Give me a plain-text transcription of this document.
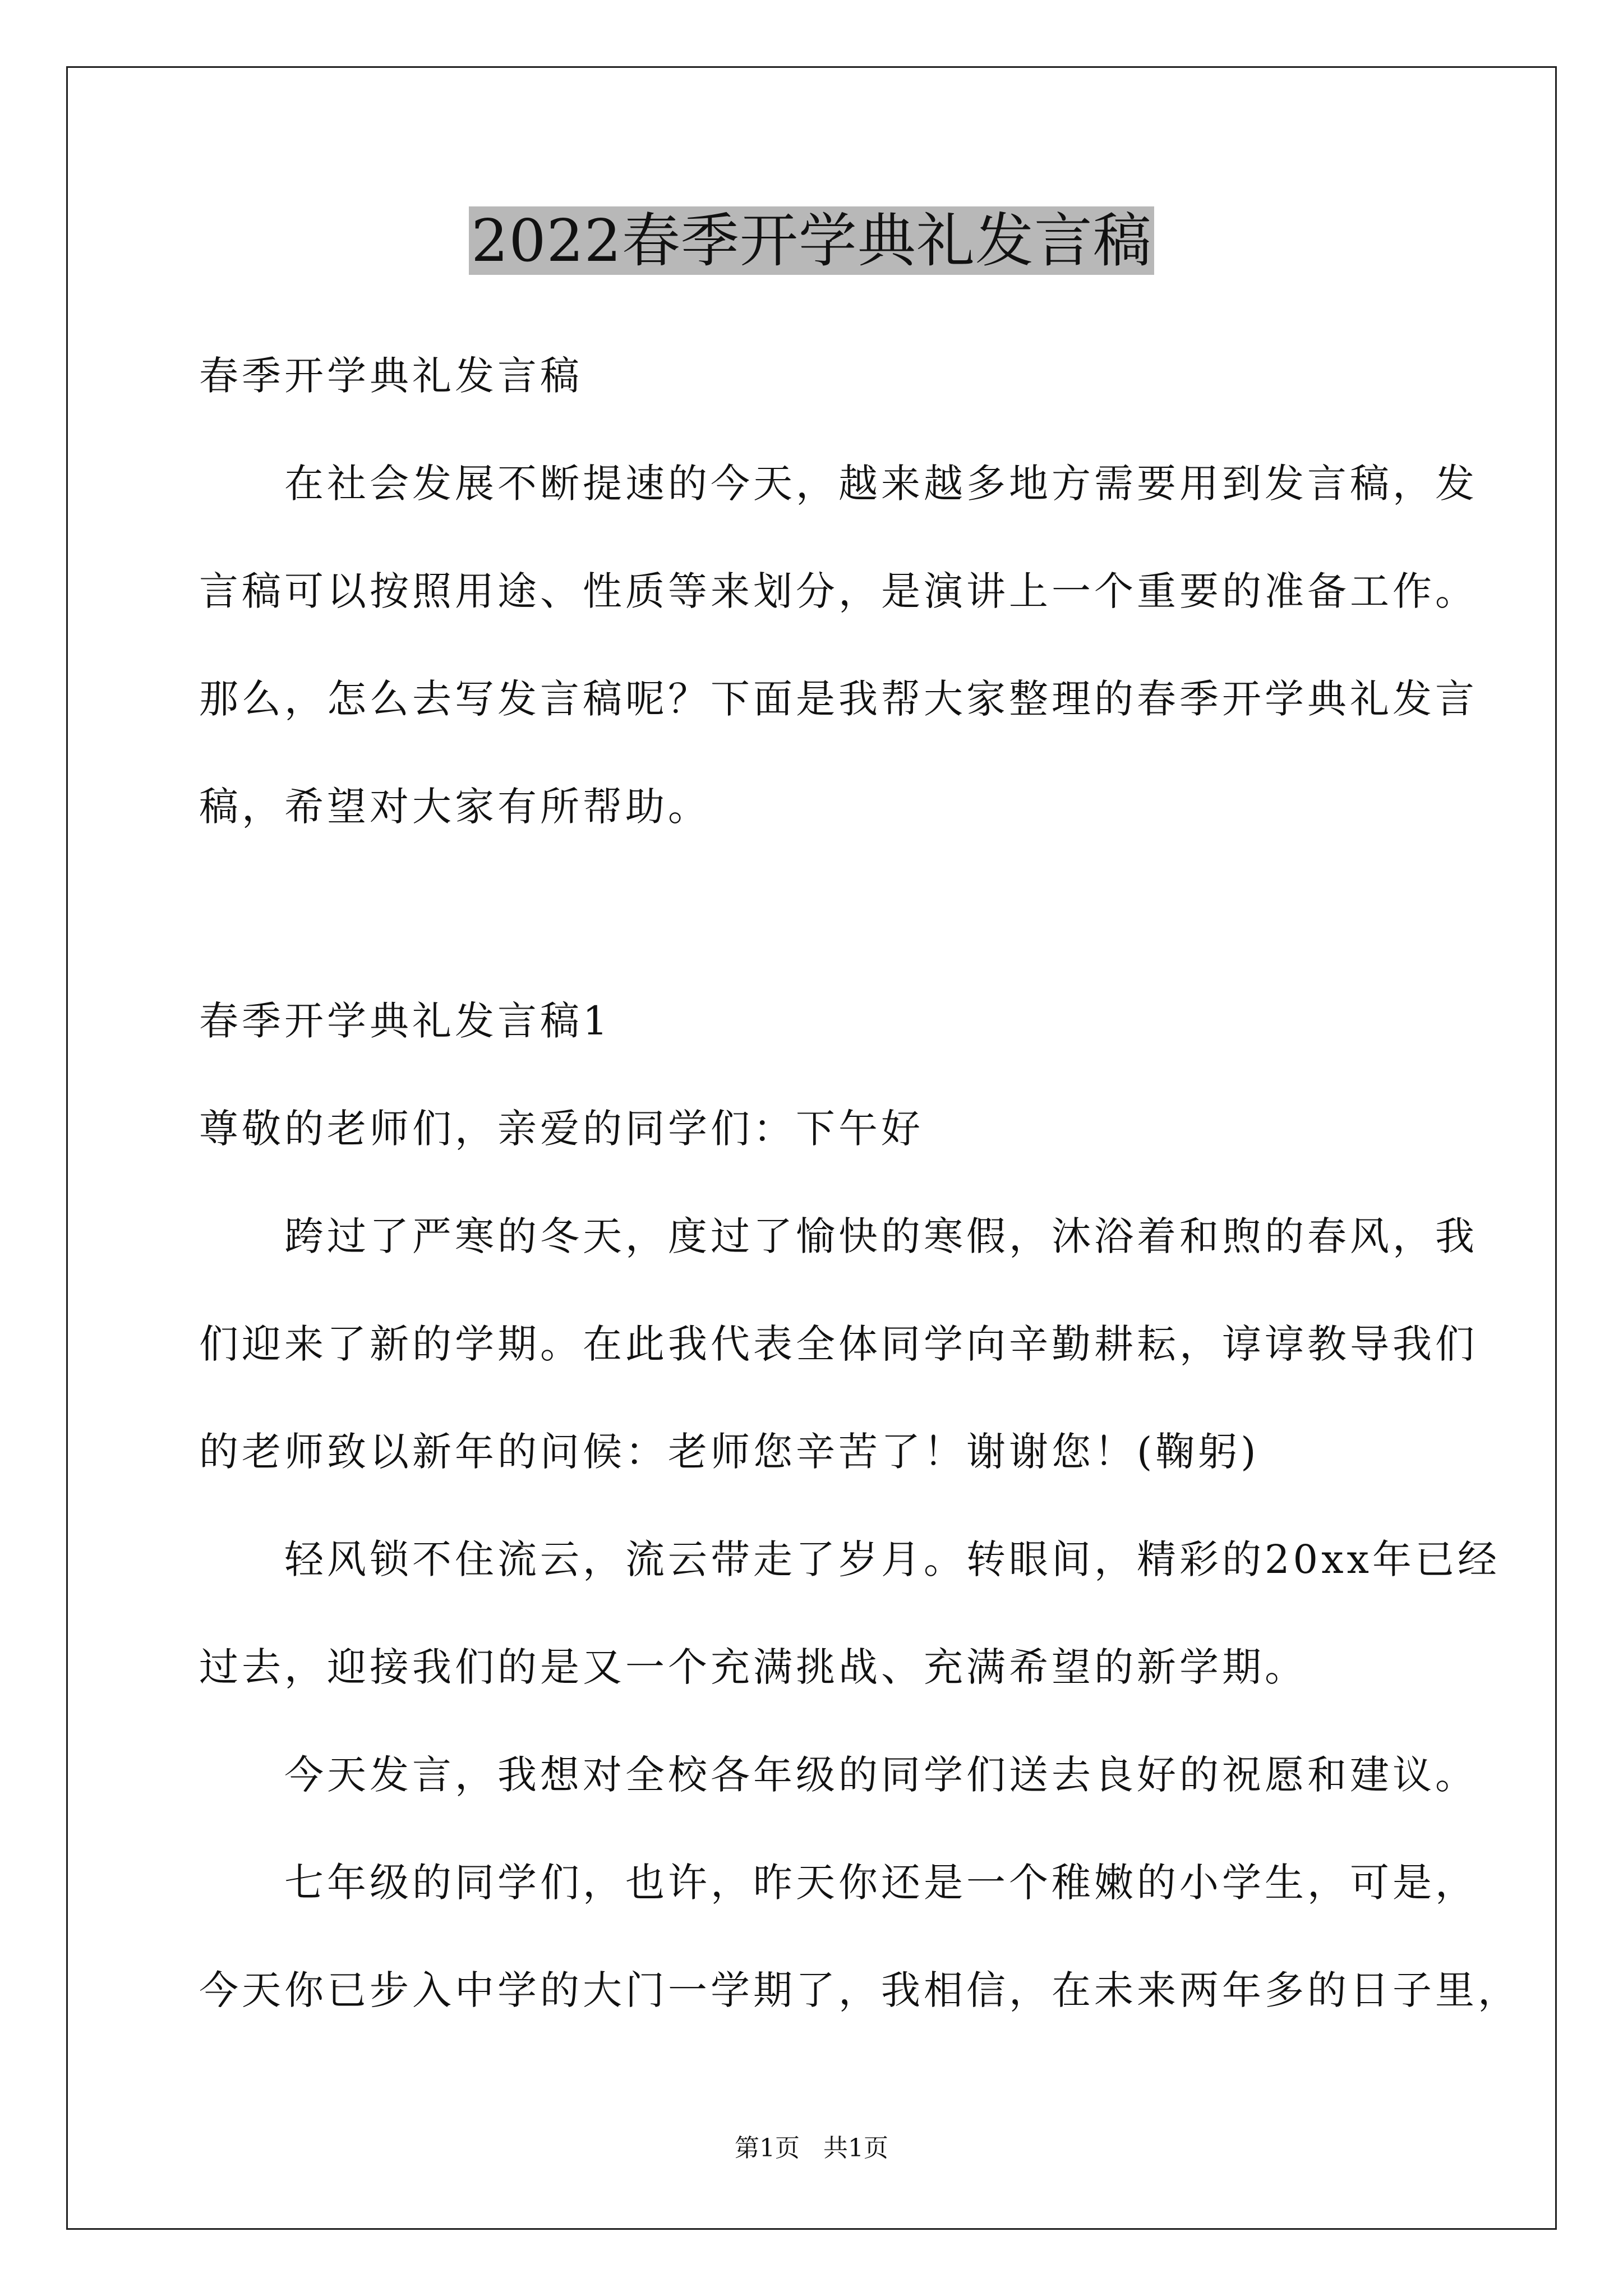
2022春季开学典礼发言稿
春季开学典礼发言稿
　　在社会发展不断提速的今天，越来越多地方需要用到发言稿，发
言稿可以按照用途、性质等来划分，是演讲上一个重要的准备工作。
那么，怎么去写发言稿呢？下面是我帮大家整理的春季开学典礼发言
稿，希望对大家有所帮助。
春季开学典礼发言稿1
尊敬的老师们，亲爱的同学们：下午好
　　跨过了严寒的冬天，度过了愉快的寒假，沐浴着和煦的春风，我
们迎来了新的学期。在此我代表全体同学向辛勤耕耘，谆谆教导我们
的老师致以新年的问候：老师您辛苦了！谢谢您！(鞠躬)
　　轻风锁不住流云，流云带走了岁月。转眼间，精彩的20xx年已经
过去，迎接我们的是又一个充满挑战、充满希望的新学期。
　　今天发言，我想对全校各年级的同学们送去良好的祝愿和建议。
　　七年级的同学们，也许，昨天你还是一个稚嫩的小学生，可是，
今天你已步入中学的大门一学期了，我相信，在未来两年多的日子里，
第1页   共1页
